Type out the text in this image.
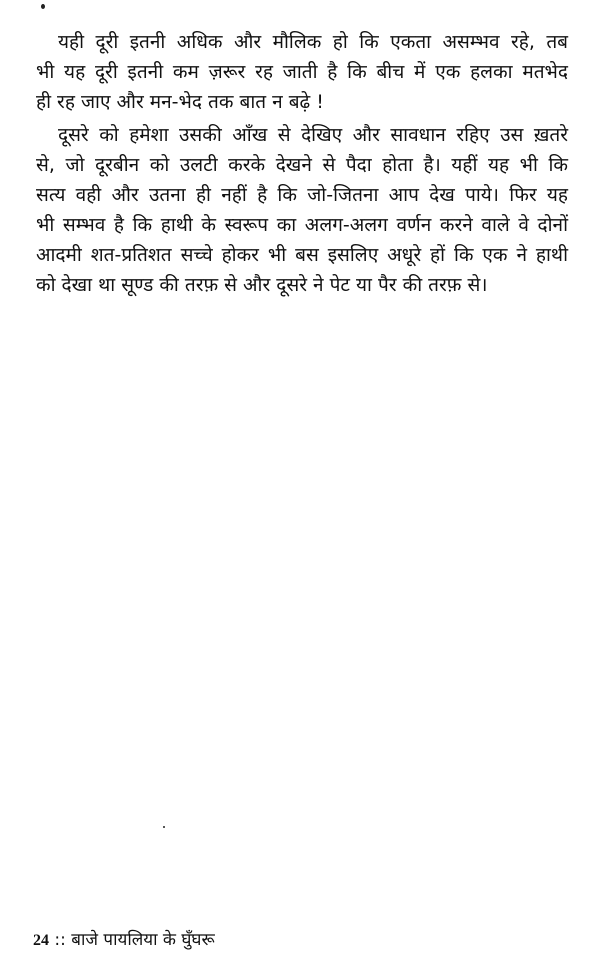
यही दूरी इतनी अधिक और मौलिक हो कि एकता असम्भव रहे, तब
भी यह दूरी इतनी कम ज़रूर रह जाती है कि बीच में एक हलका मतभेद
ही रह जाए और मन-भेद तक बात न बढ़े !

दूसरे को हमेशा उसकी आँख से देखिए और सावधान रहिए उस ख़तरे
से, जो दूरबीन को उलटी करके देखने से पैदा होता है। यहीं यह भी कि
सत्य वही और उतना ही नहीं है कि जो-जितना आप देख पाये। फिर यह
भी सम्भव है कि हाथी के स्वरूप का अलग-अलग वर्णन करने वाले वे दोनों
आदमी शत-प्रतिशत सच्चे होकर भी बस इसलिए अधूरे हों कि एक ने हाथी
को देखा था सूण्ड की तरफ़ से और दूसरे ने पेट या पैर की तरफ़ से।

24 :: बाजे पायलिया के घुँघरू
